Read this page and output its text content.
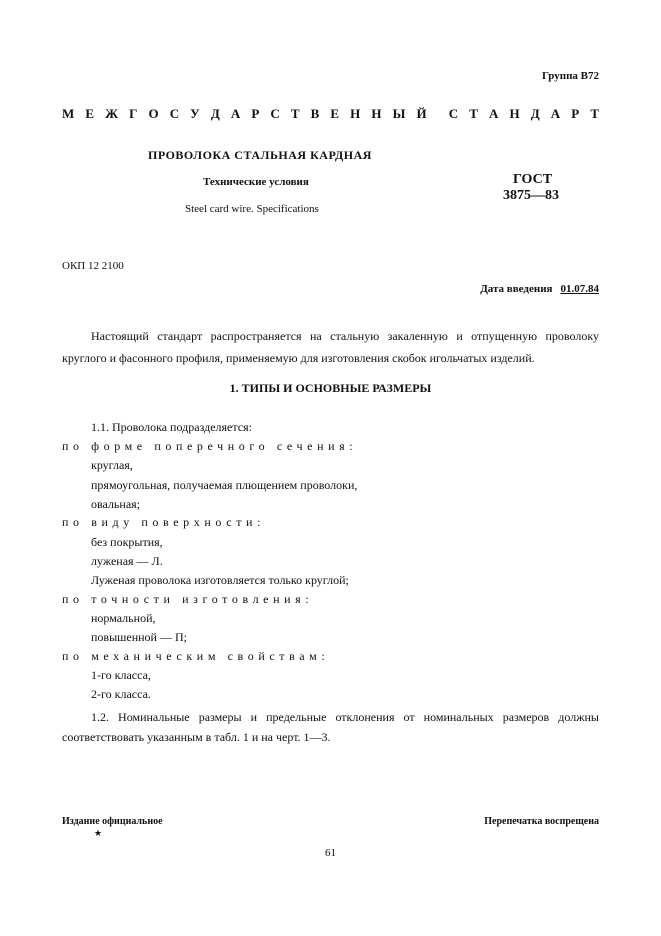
Группа В72
М Е Ж Г О С У Д А Р С Т В Е Н Н Ы Й С Т А Н Д А Р Т
ПРОВОЛОКА СТАЛЬНАЯ КАРДНАЯ
Технические условия
Steel card wire. Specifications
ГОСТ
3875—83
ОКП 12 2100
Дата введения 01.07.84
Настоящий стандарт распространяется на стальную закаленную и отпущенную проволоку круглого и фасонного профиля, применяемую для изготовления скобок игольчатых изделий.
1. ТИПЫ И ОСНОВНЫЕ РАЗМЕРЫ
1.1. Проволока подразделяется:
по форме поперечного сечения:
круглая,
прямоугольная, получаемая плющением проволоки,
овальная;
по виду поверхности:
без покрытия,
луженая — Л.
Луженая проволока изготовляется только круглой;
по точности изготовления:
нормальной,
повышенной — П;
по механическим свойствам:
1-го класса,
2-го класса.
1.2. Номинальные размеры и предельные отклонения от номинальных размеров должны соответствовать указанным в табл. 1 и на черт. 1—3.
Издание официальное
★
Перепечатка воспрещена
61
